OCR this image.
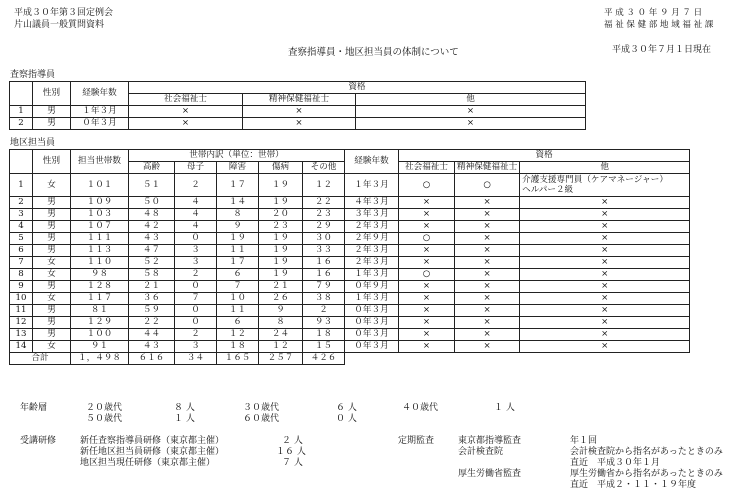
平成３０年第３回定例会
片山議員一般質問資料
平 成 ３ ０ 年 ９ 月 ７ 日
福 祉 保 健 部 地 域 福 祉 課
査察指導員・地区担当員の体制について	平成３０年７月１日現在
査察指導員
	性別	経験年数	資格		
			社会福祉士	精神保健福祉士	他
1	男	１年３月	×	×	×
2	男	０年３月	×	×	×
地区担当員
	性別	担当世帯数	世帯内訳（単位：世帯）					経験年数	資格		
			高齢	母子	障害	傷病	その他		社会福祉士	精神保健福祉士	他
1	女	１０１	５１	２	１７	１９	１２	１年３月	○	○	介護支援専門員（ケアマネージャー）
ヘルパー２級

2	男	１０９	５０	４	１４	１９	２２	４年３月	×	×	×
3	男	１０３	４８	４	８	２０	２３	３年３月	×	×	×
4	男	１０７	４２	４	９	２３	２９	２年３月	×	×	×
5	男	１１１	４３	０	１９	１９	３０	２年９月	○	×	×
6	男	１１３	４７	３	１１	１９	３３	２年３月	×	×	×
7	女	１１０	５２	３	１７	１９	１６	２年３月	×	×	×
8	女	９８	５８	２	６	１９	１６	１年３月	○	×	×
9	男	１２８	２１	０	７	２１	７９	０年９月	×	×	×
10	女	１１７	３６	７	１０	２６	３８	１年３月	×	×	×
11	男	８１	５９	０	１１	９	２	０年３月	×	×	×
12	男	１２９	２２	０	６	８	９３	０年３月	×	×	×
13	男	１００	４４	２	１２	２４	１８	０年３月	×	×	×
14	女	９１	４３	３	１８	１２	１５	０年３月	×	×	×
合計		１，４９８	６１６	３４	１６５	２５７	４２６				
年齢層	２０歳代	８ 人	３０歳代	６ 人	４０歳代	１ 人
５０歳代	１ 人	６０歳代	０ 人
受講研修	新任査察指導員研修（東京都主催）	２ 人
新任地区担当員研修（東京都主催）	１６ 人
地区担当現任研修（東京都主催）	７ 人
定期監査	東京都指導監査	年１回
会計検査院	会計検査院から指名があったときのみ
直近　平成３０年１月
厚生労働省監査	厚生労働省から指名があったときのみ
直近　平成２・１１・１９年度
